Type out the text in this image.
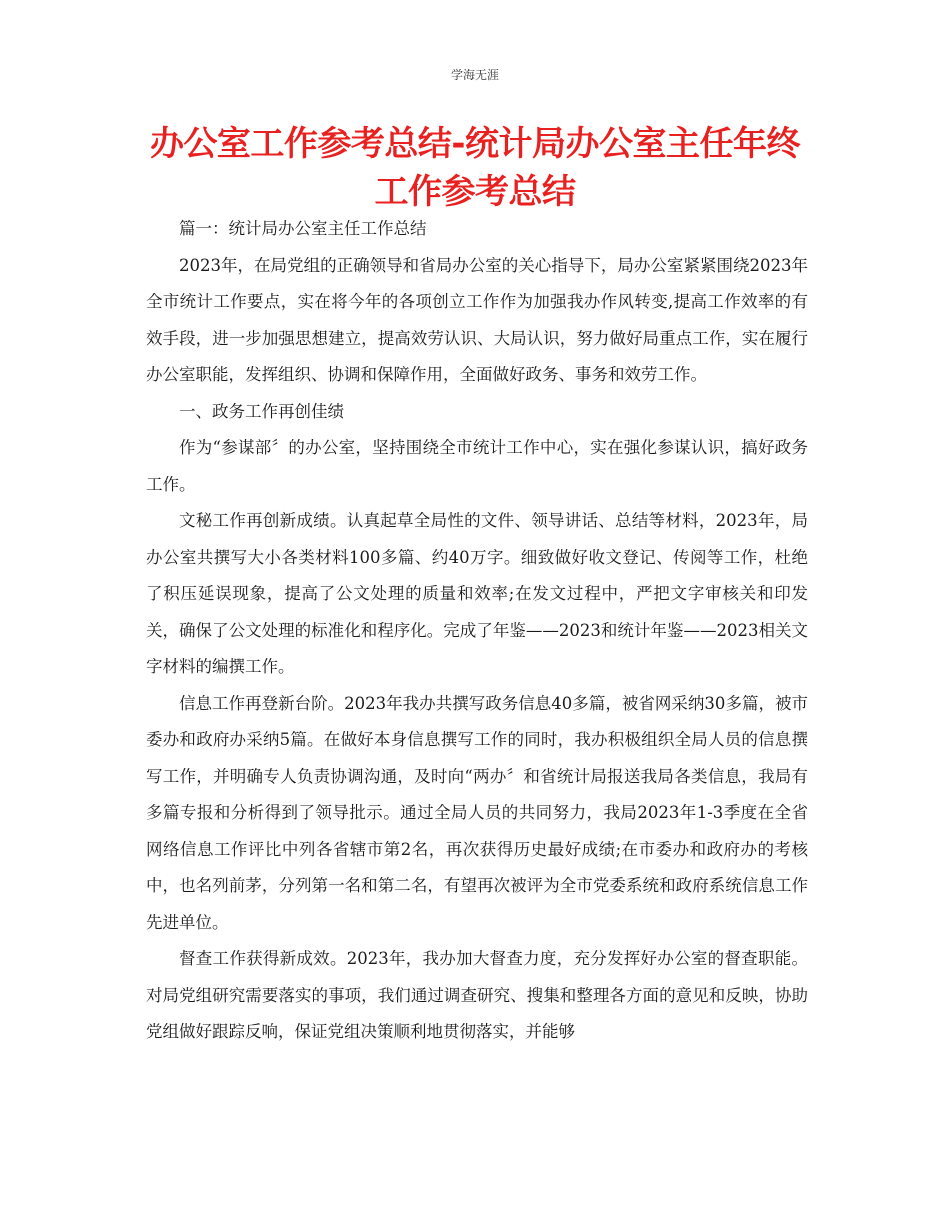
学海无涯
办公室工作参考总结-统计局办公室主任年终工作参考总结

篇一：统计局办公室主任工作总结

2023年，在局党组的正确领导和省局办公室的关心指导下，局办公室紧紧围绕2023年全市统计工作要点，实在将今年的各项创立工作作为加强我办作风转变,提高工作效率的有效手段，进一步加强思想建立，提高效劳认识、大局认识，努力做好局重点工作，实在履行办公室职能，发挥组织、协调和保障作用，全面做好政务、事务和效劳工作。

一、政务工作再创佳绩

作为“参谋部〞的办公室，坚持围绕全市统计工作中心，实在强化参谋认识，搞好政务工作。

文秘工作再创新成绩。认真起草全局性的文件、领导讲话、总结等材料，2023年，局办公室共撰写大小各类材料100多篇、约40万字。细致做好收文登记、传阅等工作，杜绝了积压延误现象，提高了公文处理的质量和效率;在发文过程中，严把文字审核关和印发关，确保了公文处理的标准化和程序化。完成了年鉴——2023和统计年鉴——2023相关文字材料的编撰工作。

信息工作再登新台阶。2023年我办共撰写政务信息40多篇，被省网采纳30多篇，被市委办和政府办采纳5篇。在做好本身信息撰写工作的同时，我办积极组织全局人员的信息撰写工作，并明确专人负责协调沟通，及时向“两办〞和省统计局报送我局各类信息，我局有多篇专报和分析得到了领导批示。通过全局人员的共同努力，我局2023年1-3季度在全省网络信息工作评比中列各省辖市第2名，再次获得历史最好成绩;在市委办和政府办的考核中，也名列前茅，分列第一名和第二名，有望再次被评为全市党委系统和政府系统信息工作先进单位。

督查工作获得新成效。2023年，我办加大督查力度，充分发挥好办公室的督查职能。对局党组研究需要落实的事项，我们通过调查研究、搜集和整理各方面的意见和反映，协助党组做好跟踪反响，保证党组决策顺利地贯彻落实，并能够
